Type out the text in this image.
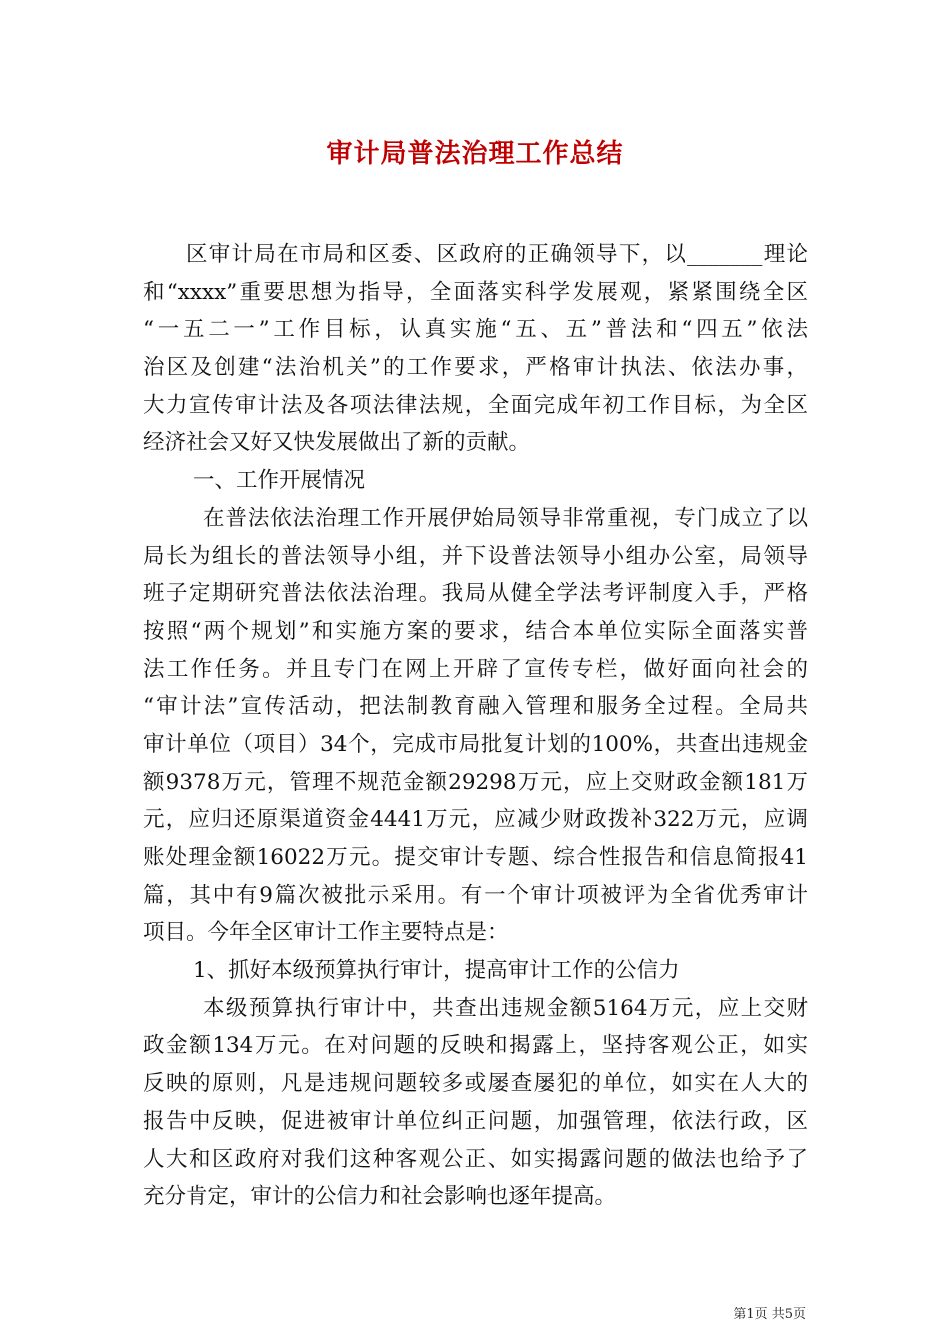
审计局普法治理工作总结
区审计局在市局和区委、区政府的正确领导下，以_______理论
和“xxxx”重要思想为指导，全面落实科学发展观，紧紧围绕全区
“一五二一”工作目标，认真实施“五、五”普法和“四五”依法
治区及创建“法治机关”的工作要求，严格审计执法、依法办事，
大力宣传审计法及各项法律法规，全面完成年初工作目标，为全区
经济社会又好又快发展做出了新的贡献。
一、工作开展情况
在普法依法治理工作开展伊始局领导非常重视，专门成立了以
局长为组长的普法领导小组，并下设普法领导小组办公室，局领导
班子定期研究普法依法治理。我局从健全学法考评制度入手，严格
按照“两个规划”和实施方案的要求，结合本单位实际全面落实普
法工作任务。并且专门在网上开辟了宣传专栏，做好面向社会的
“审计法”宣传活动，把法制教育融入管理和服务全过程。全局共
审计单位（项目）34个，完成市局批复计划的100%，共查出违规金
额9378万元，管理不规范金额29298万元，应上交财政金额181万
元，应归还原渠道资金4441万元，应减少财政拨补322万元，应调
账处理金额16022万元。提交审计专题、综合性报告和信息简报41
篇，其中有9篇次被批示采用。有一个审计项被评为全省优秀审计
项目。今年全区审计工作主要特点是：
1、抓好本级预算执行审计，提高审计工作的公信力
本级预算执行审计中，共查出违规金额5164万元，应上交财
政金额134万元。在对问题的反映和揭露上，坚持客观公正，如实
反映的原则，凡是违规问题较多或屡查屡犯的单位，如实在人大的
报告中反映，促进被审计单位纠正问题，加强管理，依法行政，区
人大和区政府对我们这种客观公正、如实揭露问题的做法也给予了
充分肯定，审计的公信力和社会影响也逐年提高。
第1页 共5页
